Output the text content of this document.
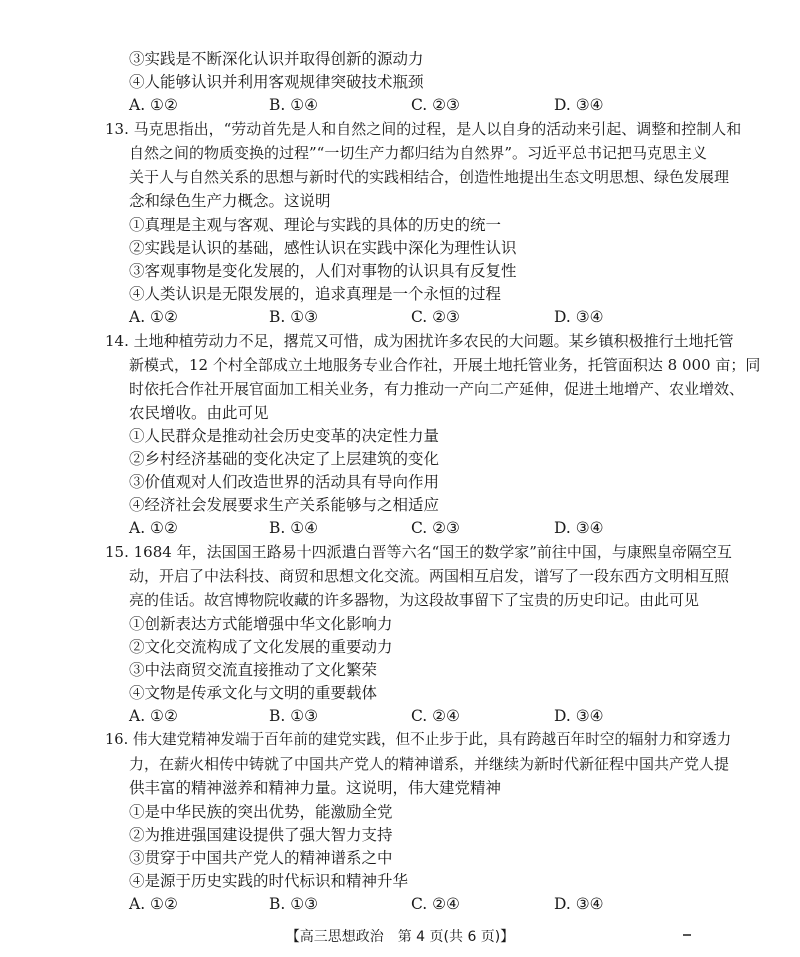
③实践是不断深化认识并取得创新的源动力
④人能够认识并利用客观规律突破技术瓶颈
A. ①②	B. ①④	C. ②③	D. ③④
13. 马克思指出，“劳动首先是人和自然之间的过程，是人以自身的活动来引起、调整和控制人和
自然之间的物质变换的过程”“一切生产力都归结为自然界”。习近平总书记把马克思主义
关于人与自然关系的思想与新时代的实践相结合，创造性地提出生态文明思想、绿色发展理
念和绿色生产力概念。这说明
①真理是主观与客观、理论与实践的具体的历史的统一
②实践是认识的基础，感性认识在实践中深化为理性认识
③客观事物是变化发展的，人们对事物的认识具有反复性
④人类认识是无限发展的，追求真理是一个永恒的过程
A. ①②	B. ①③	C. ②③	D. ③④
14. 土地种植劳动力不足，撂荒又可惜，成为困扰许多农民的大问题。某乡镇积极推行土地托管
新模式，12 个村全部成立土地服务专业合作社，开展土地托管业务，托管面积达 8 000 亩；同
时依托合作社开展官面加工相关业务，有力推动一产向二产延伸，促进土地增产、农业增效、
农民增收。由此可见
①人民群众是推动社会历史变革的决定性力量
②乡村经济基础的变化决定了上层建筑的变化
③价值观对人们改造世界的活动具有导向作用
④经济社会发展要求生产关系能够与之相适应
A. ①②	B. ①④	C. ②③	D. ③④
15. 1684 年，法国国王路易十四派遣白晋等六名“国王的数学家”前往中国，与康熙皇帝隔空互
动，开启了中法科技、商贸和思想文化交流。两国相互启发，谱写了一段东西方文明相互照
亮的佳话。故宫博物院收藏的许多器物，为这段故事留下了宝贵的历史印记。由此可见
①创新表达方式能增强中华文化影响力
②文化交流构成了文化发展的重要动力
③中法商贸交流直接推动了文化繁荣
④文物是传承文化与文明的重要载体
A. ①②	B. ①③	C. ②④	D. ③④
16. 伟大建党精神发端于百年前的建党实践，但不止步于此，具有跨越百年时空的辐射力和穿透力
力，在薪火相传中铸就了中国共产党人的精神谱系，并继续为新时代新征程中国共产党人提
供丰富的精神滋养和精神力量。这说明，伟大建党精神
①是中华民族的突出优势，能激励全党
②为推进强国建设提供了强大智力支持
③贯穿于中国共产党人的精神谱系之中
④是源于历史实践的时代标识和精神升华
A. ①②	B. ①③	C. ②④	D. ③④
【高三思想政治　第 4 页(共 6 页)】
